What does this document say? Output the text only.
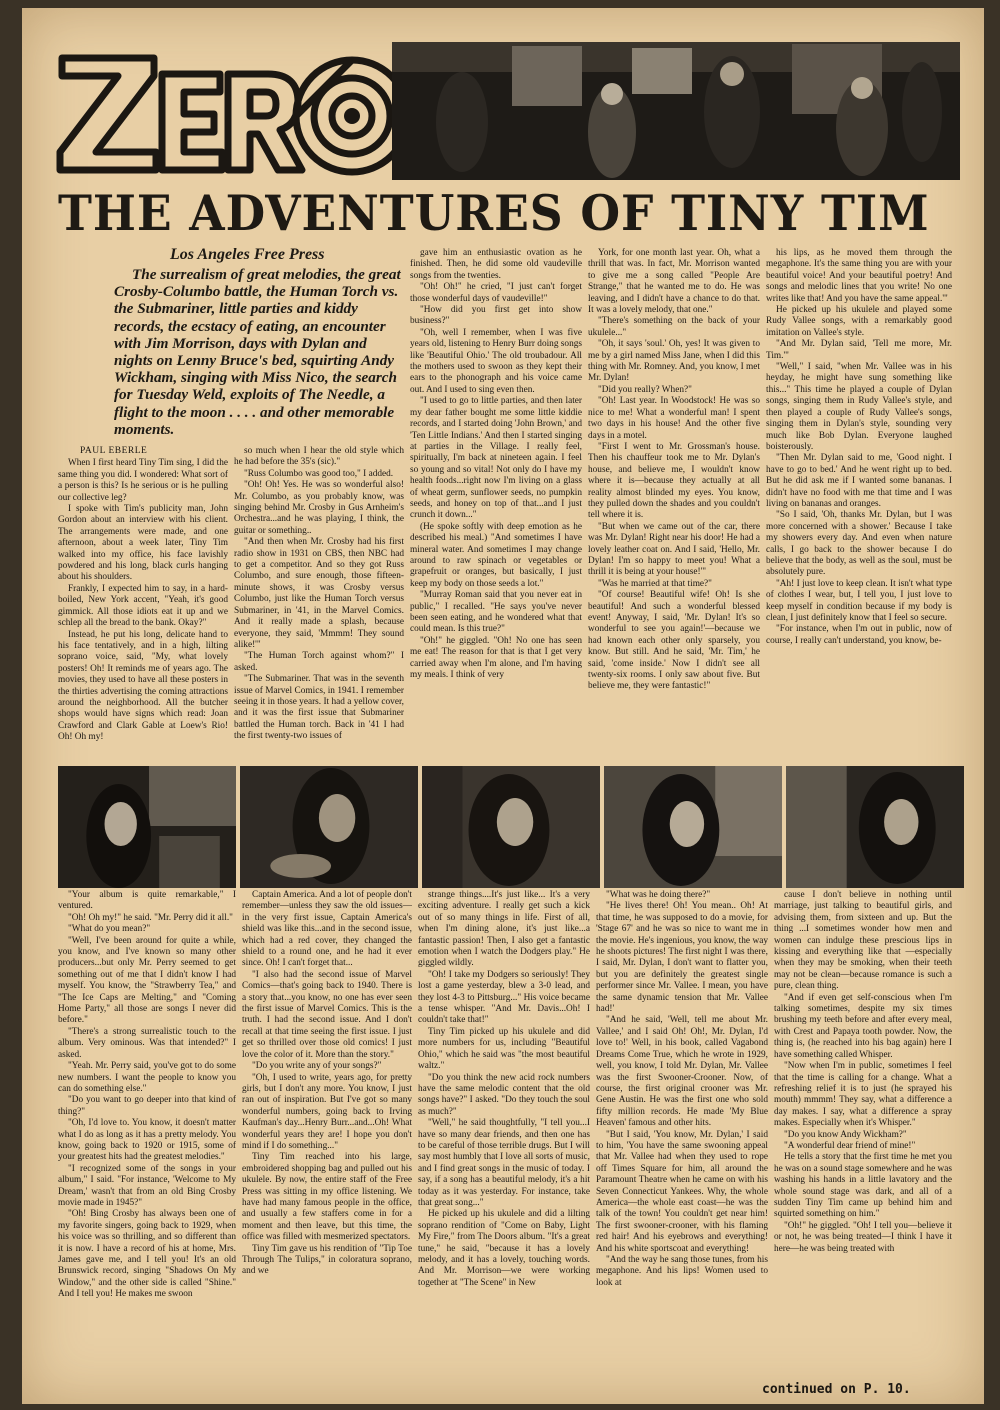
THE ADVENTURES OF TINY TIM
Los Angeles Free Press
The surrealism of great melodies, the great Crosby-Columbo battle, the Human Torch vs. the Submariner, little parties and kiddy records, the ecstacy of eating, an encounter with Jim Morrison, days with Dylan and nights on Lenny Bruce's bed, squirting Andy Wickham, singing with Miss Nico, the search for Tuesday Weld, exploits of The Needle, a flight to the moon . . . . and other memorable moments.

PAUL EBERLE

When I first heard Tiny Tim sing, I did the same thing you did. I wondered: What sort of a person is this? Is he serious or is he pulling our collective leg?

I spoke with Tim's publicity man, John Gordon about an interview with his client. The arrangements were made, and one afternoon, about a week later, Tiny Tim walked into my office, his face lavishly powdered and his long, black curls hanging about his shoulders.

Frankly, I expected him to say, in a hard-boiled, New York accent, "Yeah, it's good gimmick. All those idiots eat it up and we schlep all the bread to the bank. Okay?"

Instead, he put his long, delicate hand to his face tentatively, and in a high, lilting soprano voice, said, "My, what lovely posters! Oh! It reminds me of years ago. The movies, they used to have all these posters in the thirties advertising the coming attractions around the neighborhood. All the butcher shops would have signs which read: Joan Crawford and Clark Gable at Loew's Rio! Oh! Oh my!

so much when I hear the old style which he had before the 35's (sic)."

"Russ Columbo was good too," I added.

"Oh! Oh! Yes. He was so wonderful also! Mr. Columbo, as you probably know, was singing behind Mr. Crosby in Gus Arnheim's Orchestra...and he was playing, I think, the guitar or something..

"And then when Mr. Crosby had his first radio show in 1931 on CBS, then NBC had to get a competitor. And so they got Russ Columbo, and sure enough, those fifteen-minute shows, it was Crosby versus Columbo, just like the Human Torch versus Submariner, in '41, in the Marvel Comics. And it really made a splash, because everyone, they said, 'Mmmm! They sound alike!'"

"The Human Torch against whom?" I asked.

"The Submariner. That was in the seventh issue of Marvel Comics, in 1941. I remember seeing it in those years. It had a yellow cover, and it was the first issue that Submariner battled the Human torch. Back in '41 I had the first twenty-two issues of

gave him an enthusiastic ovation as he finished. Then, he did some old vaudeville songs from the twenties.

"Oh! Oh!" he cried, "I just can't forget those wonderful days of vaudeville!"

"How did you first get into show business?"

"Oh, well I remember, when I was five years old, listening to Henry Burr doing songs like 'Beautiful Ohio.' The old troubadour. All the mothers used to swoon as they kept their ears to the phonograph and his voice came out. And I used to sing even then.

"I used to go to little parties, and then later my dear father bought me some little kiddie records, and I started doing 'John Brown,' and 'Ten Little Indians.' And then I started singing at parties in the Village. I really feel, spiritually, I'm back at nineteen again. I feel so young and so vital! Not only do I have my health foods...right now I'm living on a glass of wheat germ, sunflower seeds, no pumpkin seeds, and honey on top of that...and I just crunch it down..."

(He spoke softly with deep emotion as he described his meal.) "And sometimes I have mineral water. And sometimes I may change around to raw spinach or vegetables or grapefruit or oranges, but basically, I just keep my body on those seeds a lot."

"Murray Roman said that you never eat in public," I recalled. "He says you've never been seen eating, and he wondered what that could mean. Is this true?"

"Oh!" he giggled. "Oh! No one has seen me eat! The reason for that is that I get very carried away when I'm alone, and I'm having my meals. I think of very

York, for one month last year. Oh, what a thrill that was. In fact, Mr. Morrison wanted to give me a song called "People Are Strange," that he wanted me to do. He was leaving, and I didn't have a chance to do that. It was a lovely melody, that one."

"There's something on the back of your ukulele..."

"Oh, it says 'soul.' Oh, yes! It was given to me by a girl named Miss Jane, when I did this thing with Mr. Romney. And, you know, I met Mr. Dylan!

"Did you really? When?"

"Oh! Last year. In Woodstock! He was so nice to me! What a wonderful man! I spent two days in his house! And the other five days in a motel.

"First I went to Mr. Grossman's house. Then his chauffeur took me to Mr. Dylan's house, and believe me, I wouldn't know where it is—because they actually at all reality almost blinded my eyes. You know, they pulled down the shades and you couldn't tell where it is.

"But when we came out of the car, there was Mr. Dylan! Right near his door! He had a lovely leather coat on. And I said, 'Hello, Mr. Dylan! I'm so happy to meet you! What a thrill it is being at your house!'"

"Was he married at that time?"

"Of course! Beautiful wife! Oh! Is she beautiful! And such a wonderful blessed event! Anyway, I said, 'Mr. Dylan! It's so wonderful to see you again!'—because we had known each other only sparsely, you know. But still. And he said, 'Mr. Tim,' he said, 'come inside.' Now I didn't see all twenty-six rooms. I only saw about five. But believe me, they were fantastic!"

his lips, as he moved them through the megaphone. It's the same thing you are with your beautiful voice! And your beautiful poetry! And songs and melodic lines that you write! No one writes like that! And you have the same appeal.'"

He picked up his ukulele and played some Rudy Vallee songs, with a remarkably good imitation on Vallee's style.

"And Mr. Dylan said, 'Tell me more, Mr. Tim.'"

"Well," I said, "when Mr. Vallee was in his heyday, he might have sung something like this..." This time he played a couple of Dylan songs, singing them in Rudy Vallee's style, and then played a couple of Rudy Vallee's songs, singing them in Dylan's style, sounding very much like Bob Dylan. Everyone laughed boisterously.

"Then Mr. Dylan said to me, 'Good night. I have to go to bed.' And he went right up to bed. But he did ask me if I wanted some bananas. I didn't have no food with me that time and I was living on bananas and oranges.

"So I said, 'Oh, thanks Mr. Dylan, but I was more concerned with a shower.' Because I take my showers every day. And even when nature calls, I go back to the shower because I do believe that the body, as well as the soul, must be absolutely pure.

"Ah! I just love to keep clean. It isn't what type of clothes I wear, but, I tell you, I just love to keep myself in condition because if my body is clean, I just definitely know that I feel so secure.

"For instance, when I'm out in public, now of course, I really can't understand, you know, be-

"Your album is quite remarkable," I ventured.

"Oh! Oh my!" he said. "Mr. Perry did it all."

"What do you mean?"

"Well, I've been around for quite a while, you know, and I've known so many other producers...but only Mr. Perry seemed to get something out of me that I didn't know I had myself. You know, the "Strawberry Tea," and "The Ice Caps are Melting," and "Coming Home Party," all those are songs I never did before."

"There's a strong surrealistic touch to the album. Very ominous. Was that intended?" I asked.

"Yeah. Mr. Perry said, you've got to do some new numbers. I want the people to know you can do something else."

"Do you want to go deeper into that kind of thing?"

"Oh, I'd love to. You know, it doesn't matter what I do as long as it has a pretty melody. You know, going back to 1920 or 1915, some of your greatest hits had the greatest melodies."

"I recognized some of the songs in your album," I said. "For instance, 'Welcome to My Dream,' wasn't that from an old Bing Crosby movie made in 1945?"

"Oh! Bing Crosby has always been one of my favorite singers, going back to 1929, when his voice was so thrilling, and so different than it is now. I have a record of his at home, Mrs. James gave me, and I tell you! It's an old Brunswick record, singing "Shadows On My Window," and the other side is called "Shine." And I tell you! He makes me swoon

Captain America. And a lot of people don't remember—unless they saw the old issues—in the very first issue, Captain America's shield was like this...and in the second issue, which had a red cover, they changed the shield to a round one, and he had it ever since. Oh! I can't forget that...

"I also had the second issue of Marvel Comics—that's going back to 1940. There is a story that...you know, no one has ever seen the first issue of Marvel Comics. This is the truth. I had the second issue. And I don't recall at that time seeing the first issue. I just get so thrilled over those old comics! I just love the color of it. More than the story."

"Do you write any of your songs?"

"Oh, I used to write, years ago, for pretty girls, but I don't any more. You know, I just ran out of inspiration. But I've got so many wonderful numbers, going back to Irving Kaufman's day...Henry Burr...and...Oh! What wonderful years they are! I hope you don't mind if I do something..."

Tiny Tim reached into his large, embroidered shopping bag and pulled out his ukulele. By now, the entire staff of the Free Press was sitting in my office listening. We have had many famous people in the office, and usually a few staffers come in for a moment and then leave, but this time, the office was filled with mesmerized spectators.

Tiny Tim gave us his rendition of "Tip Toe Through The Tulips," in coloratura soprano, and we

strange things....It's just like... It's a very exciting adventure. I really get such a kick out of so many things in life. First of all, when I'm dining alone, it's just like...a fantastic passion! Then, I also get a fantastic emotion when I watch the Dodgers play." He giggled wildly.

"Oh! I take my Dodgers so seriously! They lost a game yesterday, blew a 3-0 lead, and they lost 4-3 to Pittsburg..." His voice became a tense whisper. "And Mr. Davis...Oh! I couldn't take that!"

Tiny Tim picked up his ukulele and did more numbers for us, including "Beautiful Ohio," which he said was "the most beautiful waltz."

"Do you think the new acid rock numbers have the same melodic content that the old songs have?" I asked. "Do they touch the soul as much?"

"Well," he said thoughtfully, "I tell you...I have so many dear friends, and then one has to be careful of those terrible drugs. But I will say most humbly that I love all sorts of music, and I find great songs in the music of today. I say, if a song has a beautiful melody, it's a hit today as it was yesterday. For instance, take that great song..."

He picked up his ukulele and did a lilting soprano rendition of "Come on Baby, Light My Fire," from The Doors album. "It's a great tune," he said, "because it has a lovely melody, and it has a lovely, touching words. And Mr. Morrison—we were working together at "The Scene" in New

"What was he doing there?"

"He lives there! Oh! You mean.. Oh! At that time, he was supposed to do a movie, for 'Stage 67' and he was so nice to want me in the movie. He's ingenious, you know, the way he shoots pictures! The first night I was there, I said, Mr. Dylan, I don't want to flatter you, but you are definitely the greatest single performer since Mr. Vallee. I mean, you have the same dynamic tension that Mr. Vallee had!'

"And he said, 'Well, tell me about Mr. Vallee,' and I said Oh! Oh!, Mr. Dylan, I'd love to!' Well, in his book, called Vagabond Dreams Come True, which he wrote in 1929, well, you know, I told Mr. Dylan, Mr. Vallee was the first Swooner-Crooner. Now, of course, the first original crooner was Mr. Gene Austin. He was the first one who sold fifty million records. He made 'My Blue Heaven' famous and other hits.

"But I said, 'You know, Mr. Dylan,' I said to him, 'You have the same swooning appeal that Mr. Vallee had when they used to rope off Times Square for him, all around the Paramount Theatre when he came on with his Seven Connecticut Yankees. Why, the whole America—the whole east coast—he was the talk of the town! You couldn't get near him! The first swooner-crooner, with his flaming red hair! And his eyebrows and everything! And his white sportscoat and everything!

"And the way he sang those tunes, from his megaphone. And his lips! Women used to look at

cause I don't believe in nothing until marriage, just talking to beautiful girls, and advising them, from sixteen and up. But the thing ...I sometimes wonder how men and women can indulge these prescious lips in kissing and everything like that —especially when they may be smoking, when their teeth may not be clean—because romance is such a pure, clean thing.

"And if even get self-conscious when I'm talking sometimes, despite my six times brushing my teeth before and after every meal, with Crest and Papaya tooth powder. Now, the thing is, (he reached into his bag again) here I have something called Whisper.

"Now when I'm in public, sometimes I feel that the time is calling for a change. What a refreshing relief it is to just (he sprayed his mouth) mmmm! They say, what a difference a day makes. I say, what a difference a spray makes. Especially when it's Whisper."

"Do you know Andy Wickham?"

"A wonderful dear friend of mine!"

He tells a story that the first time he met you he was on a sound stage somewhere and he was washing his hands in a little lavatory and the whole sound stage was dark, and all of a sudden Tiny Tim came up behind him and squirted something on him."

"Oh!" he giggled. "Oh! I tell you—believe it or not, he was being treated—I think I have it here—he was being treated with

continued on P. 10.
